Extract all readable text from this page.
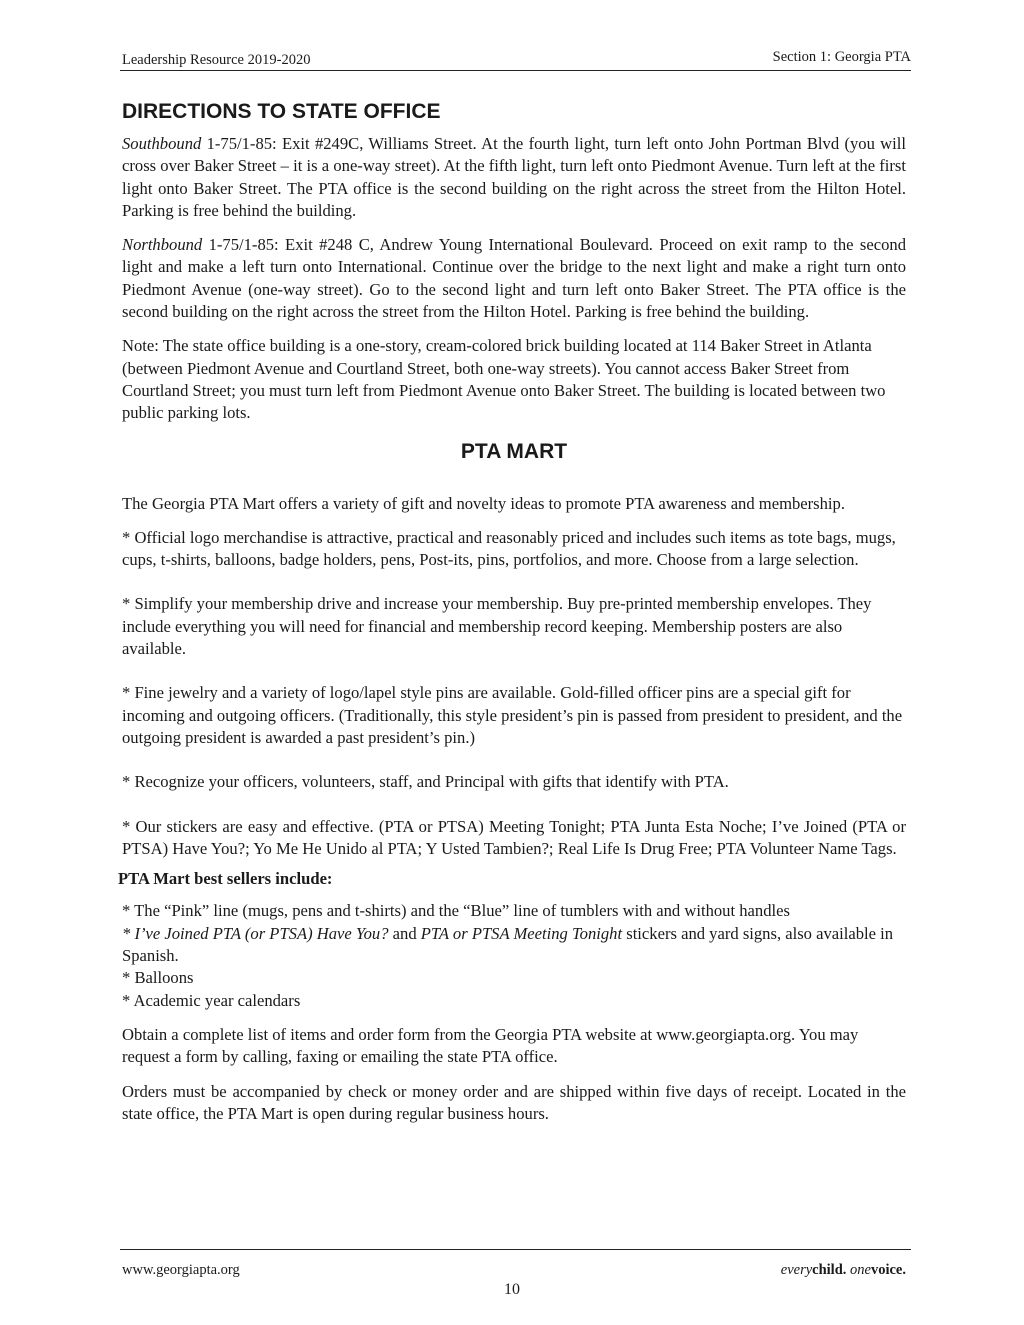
Leadership Resource 2019-2020	Section 1: Georgia PTA
DIRECTIONS TO STATE OFFICE

Southbound 1-75/1-85: Exit #249C, Williams Street. At the fourth light, turn left onto John Portman Blvd (you will cross over Baker Street – it is a one-way street). At the fifth light, turn left onto Piedmont Avenue. Turn left at the first light onto Baker Street. The PTA office is the second building on the right across the street from the Hilton Hotel. Parking is free behind the building.

Northbound 1-75/1-85: Exit #248 C, Andrew Young International Boulevard. Proceed on exit ramp to the second light and make a left turn onto International. Continue over the bridge to the next light and make a right turn onto Piedmont Avenue (one-way street). Go to the second light and turn left onto Baker Street. The PTA office is the second building on the right across the street from the Hilton Hotel. Parking is free behind the building.

Note: The state office building is a one-story, cream-colored brick building located at 114 Baker Street in Atlanta (between Piedmont Avenue and Courtland Street, both one-way streets). You cannot access Baker Street from Courtland Street; you must turn left from Piedmont Avenue onto Baker Street. The building is located between two public parking lots.

PTA MART

The Georgia PTA Mart offers a variety of gift and novelty ideas to promote PTA awareness and membership.

* Official logo merchandise is attractive, practical and reasonably priced and includes such items as tote bags, mugs, cups, t-shirts, balloons, badge holders, pens, Post-its, pins, portfolios, and more. Choose from a large selection.

* Simplify your membership drive and increase your membership. Buy pre-printed membership envelopes. They include everything you will need for financial and membership record keeping. Membership posters are also available.

* Fine jewelry and a variety of logo/lapel style pins are available. Gold-filled officer pins are a special gift for incoming and outgoing officers. (Traditionally, this style president’s pin is passed from president to president, and the outgoing president is awarded a past president’s pin.)

* Recognize your officers, volunteers, staff, and Principal with gifts that identify with PTA.

* Our stickers are easy and effective. (PTA or PTSA) Meeting Tonight; PTA Junta Esta Noche; I’ve Joined (PTA or PTSA) Have You?; Yo Me He Unido al PTA; Y Usted Tambien?; Real Life Is Drug Free; PTA Volunteer Name Tags.

PTA Mart best sellers include:

* The “Pink” line (mugs, pens and t-shirts) and the “Blue” line of tumblers with and without handles

* I’ve Joined PTA (or PTSA) Have You? and PTA or PTSA Meeting Tonight stickers and yard signs, also available in Spanish.

* Balloons

* Academic year calendars

Obtain a complete list of items and order form from the Georgia PTA website at www.georgiapta.org. You may request a form by calling, faxing or emailing the state PTA office.

Orders must be accompanied by check or money order and are shipped within five days of receipt. Located in the state office, the PTA Mart is open during regular business hours.

www.georgiapta.org	everychild. onevoice.
10
